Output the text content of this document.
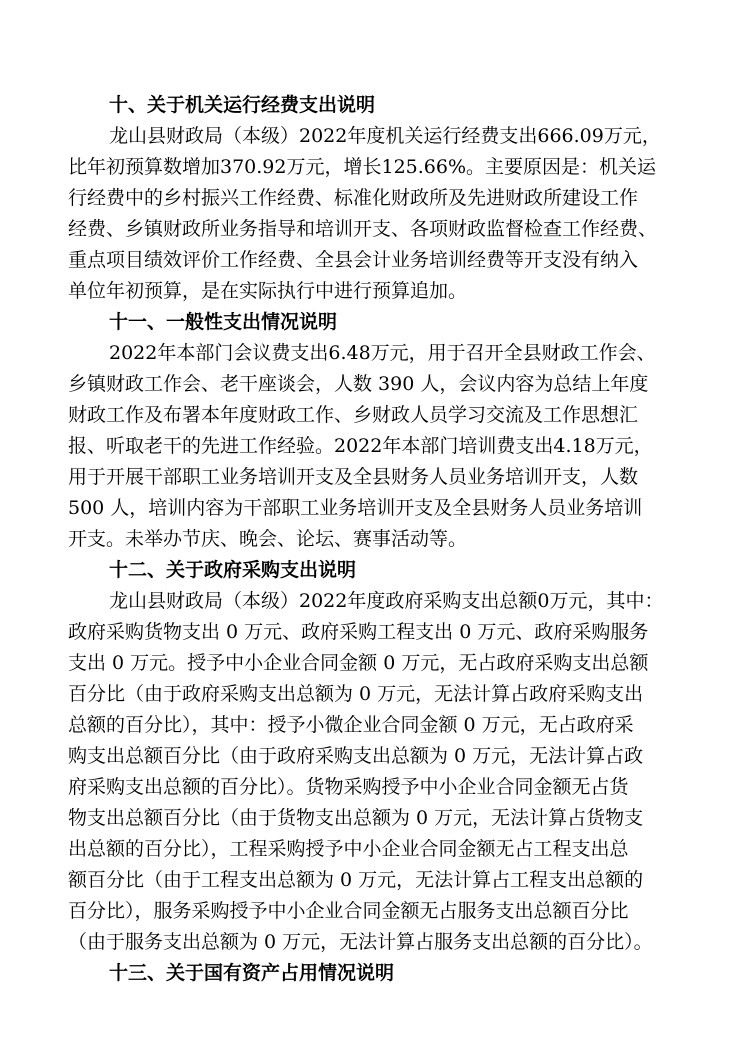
十、关于机关运行经费支出说明
龙山县财政局（本级）2022年度机关运行经费支出666.09万元，
比年初预算数增加370.92万元，增长125.66%。主要原因是：机关运
行经费中的乡村振兴工作经费、标准化财政所及先进财政所建设工作
经费、乡镇财政所业务指导和培训开支、各项财政监督检查工作经费、
重点项目绩效评价工作经费、全县会计业务培训经费等开支没有纳入
单位年初预算，是在实际执行中进行预算追加。
十一、一般性支出情况说明
2022年本部门会议费支出6.48万元，用于召开全县财政工作会、
乡镇财政工作会、老干座谈会，人数 390 人，会议内容为总结上年度
财政工作及布署本年度财政工作、乡财政人员学习交流及工作思想汇
报、听取老干的先进工作经验。2022年本部门培训费支出4.18万元，
用于开展干部职工业务培训开支及全县财务人员业务培训开支，人数
500 人，培训内容为干部职工业务培训开支及全县财务人员业务培训
开支。未举办节庆、晚会、论坛、赛事活动等。
十二、关于政府采购支出说明
龙山县财政局（本级）2022年度政府采购支出总额0万元，其中：
政府采购货物支出 0 万元、政府采购工程支出 0 万元、政府采购服务
支出 0 万元。授予中小企业合同金额 0 万元，无占政府采购支出总额
百分比（由于政府采购支出总额为 0 万元，无法计算占政府采购支出
总额的百分比），其中：授予小微企业合同金额 0 万元，无占政府采
购支出总额百分比（由于政府采购支出总额为 0 万元，无法计算占政
府采购支出总额的百分比）。货物采购授予中小企业合同金额无占货
物支出总额百分比（由于货物支出总额为 0 万元，无法计算占货物支
出总额的百分比），工程采购授予中小企业合同金额无占工程支出总
额百分比（由于工程支出总额为 0 万元，无法计算占工程支出总额的
百分比），服务采购授予中小企业合同金额无占服务支出总额百分比
（由于服务支出总额为 0 万元，无法计算占服务支出总额的百分比）。
十三、关于国有资产占用情况说明
